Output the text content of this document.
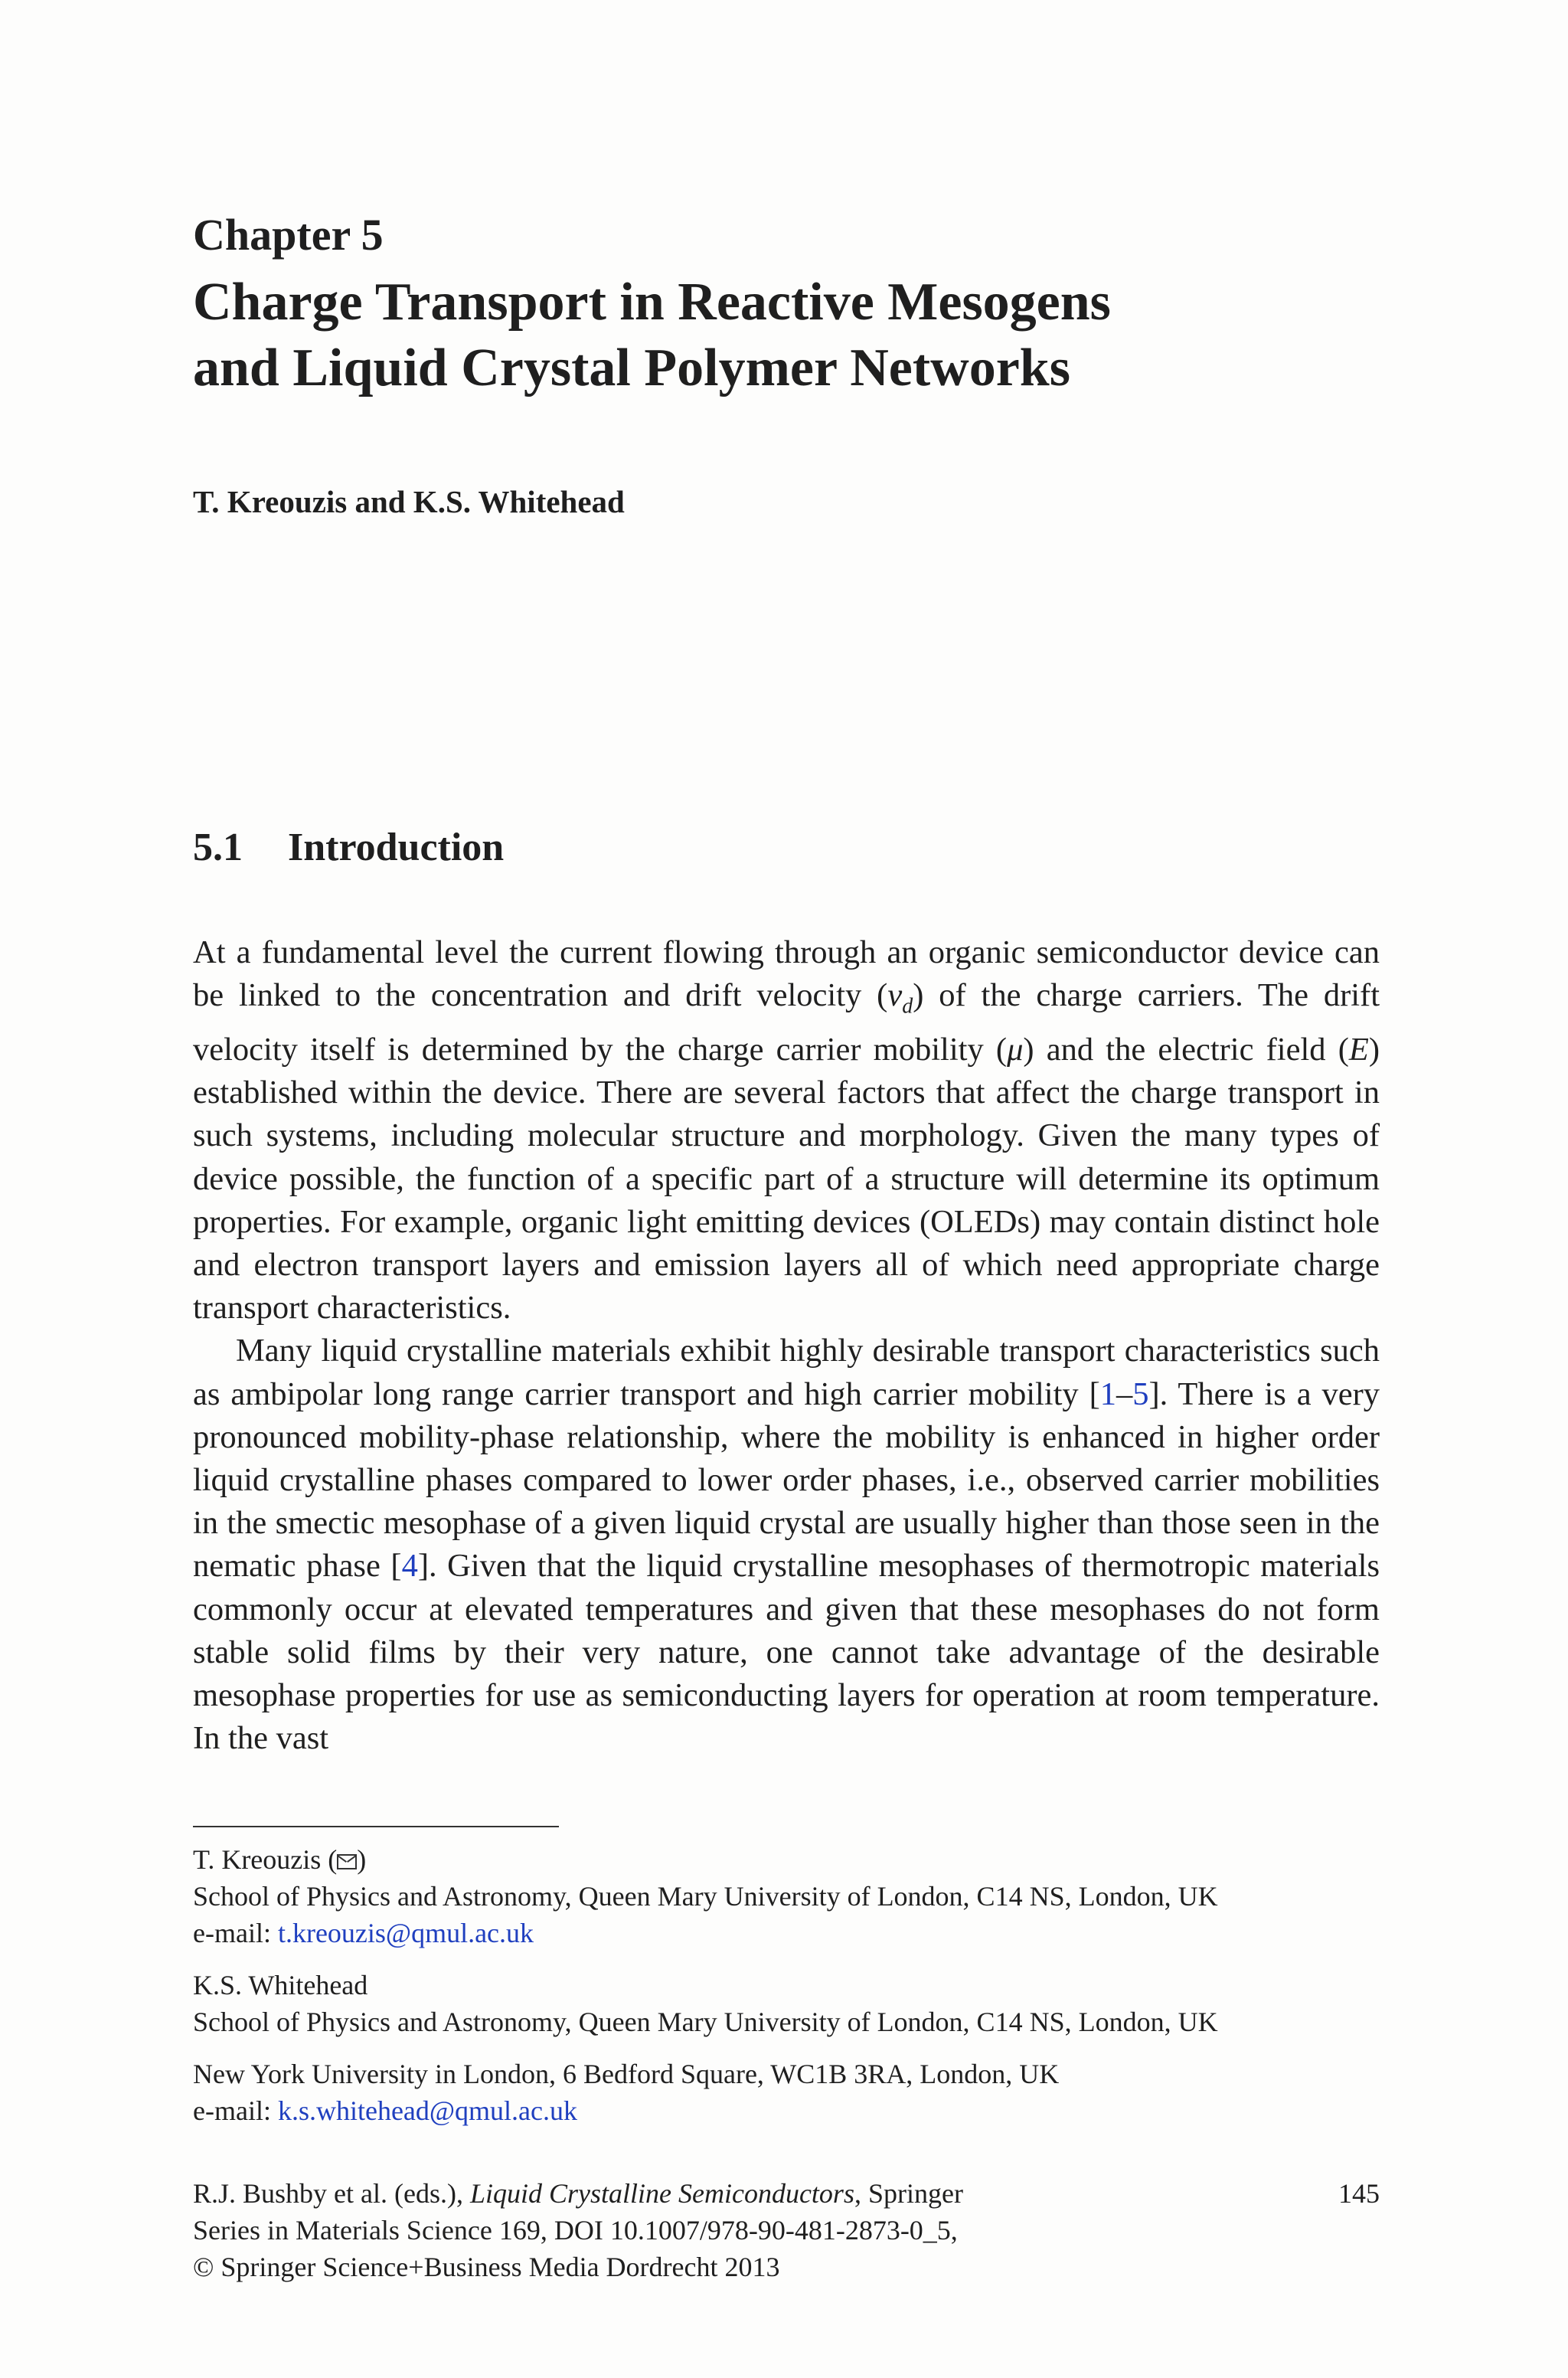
Chapter 5
Charge Transport in Reactive Mesogens
and Liquid Crystal Polymer Networks
T. Kreouzis and K.S. Whitehead
5.1 Introduction

At a fundamental level the current flowing through an organic semiconductor device can be linked to the concentration and drift velocity $(v_d)$ of the charge carriers. The drift velocity itself is determined by the charge carrier mobility (μ) and the electric field (E) established within the device. There are several factors that affect the charge transport in such systems, including molecular structure and morphology. Given the many types of device possible, the function of a specific part of a structure will determine its optimum properties. For example, organic light emitting devices (OLEDs) may contain distinct hole and electron transport layers and emission layers all of which need appropriate charge transport characteristics.

Many liquid crystalline materials exhibit highly desirable transport characteristics such as ambipolar long range carrier transport and high carrier mobility [1–5]. There is a very pronounced mobility-phase relationship, where the mobility is enhanced in higher order liquid crystalline phases compared to lower order phases, i.e., observed carrier mobilities in the smectic mesophase of a given liquid crystal are usually higher than those seen in the nematic phase [4]. Given that the liquid crystalline mesophases of thermotropic materials commonly occur at elevated temperatures and given that these mesophases do not form stable solid films by their very nature, one cannot take advantage of the desirable mesophase properties for use as semiconducting layers for operation at room temperature. In the vast

T. Kreouzis ( )
School of Physics and Astronomy, Queen Mary University of London, C14 NS, London, UK
e-mail: t.kreouzis@qmul.ac.uk
K.S. Whitehead
School of Physics and Astronomy, Queen Mary University of London, C14 NS, London, UK
New York University in London, 6 Bedford Square, WC1B 3RA, London, UK
e-mail: k.s.whitehead@qmul.ac.uk
R.J. Bushby et al. (eds.), Liquid Crystalline Semiconductors, Springer
Series in Materials Science 169, DOI 10.1007/978-90-481-2873-0_5,
© Springer Science+Business Media Dordrecht 2013
145
